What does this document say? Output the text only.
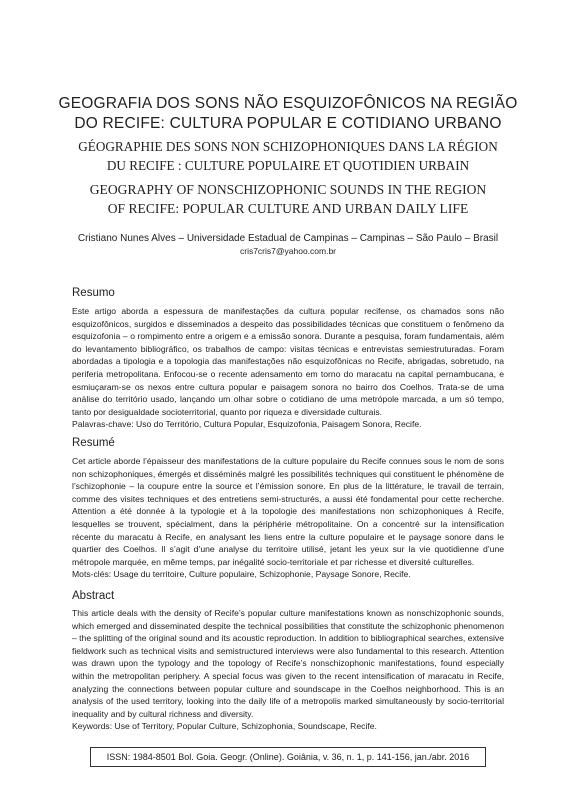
GEOGRAFIA DOS SONS NÃO ESQUIZOFÔNICOS NA REGIÃO
DO RECIFE: CULTURA POPULAR E COTIDIANO URBANO
GÉOGRAPHIE DES SONS NON SCHIZOPHONIQUES DANS LA RÉGION
DU RECIFE : CULTURE POPULAIRE ET QUOTIDIEN URBAIN
GEOGRAPHY OF NONSCHIZOPHONIC SOUNDS IN THE REGION
OF RECIFE: POPULAR CULTURE AND URBAN DAILY LIFE
Cristiano Nunes Alves – Universidade Estadual de Campinas – Campinas – São Paulo – Brasil
cris7cris7@yahoo.com.br
Resumo
Este artigo aborda a espessura de manifestações da cultura popular recifense, os chamados sons não esquizofônicos, surgidos e disseminados a despeito das possibilidades técnicas que constituem o fenômeno da esquizofonia – o rompimento entre a origem e a emissão sonora. Durante a pesquisa, foram fundamentais, além do levantamento bibliográfico, os trabalhos de campo: visitas técnicas e entrevistas semiestruturadas. Foram abordadas a tipologia e a topologia das manifestações não esquizofônicas no Recife, abrigadas, sobretudo, na periferia metropolitana. Enfocou-se o recente adensamento em torno do maracatu na capital pernambucana, e esmiuçaram-se os nexos entre cultura popular e paisagem sonora no bairro dos Coelhos. Trata-se de uma análise do território usado, lançando um olhar sobre o cotidiano de uma metrópole marcada, a um só tempo, tanto por desigualdade socioterritorial, quanto por riqueza e diversidade culturais.
Palavras-chave: Uso do Território, Cultura Popular, Esquizofonia, Paisagem Sonora, Recife.
Resumé
Cet article aborde l’épaisseur des manifestations de la culture populaire du Recife connues sous le nom de sons non schizophoniques, émergés et disséminés malgré les possibilités techniques qui constituent le phénomène de l’schizophonie – la coupure entre la source et l’émission sonore. En plus de la littérature, le travail de terrain, comme des visites techniques et des entretiens semi-structurés, a aussi été fondamental pour cette recherche. Attention a été donnée à la typologie et à la topologie des manifestations non schizophoniques à Recife, lesquelles se trouvent, spécialment, dans la périphérie métropolitaine. On a concentré sur la intensification récente du maracatu à Recife, en analysant les liens entre la culture populaire et le paysage sonore dans le quartier des Coelhos. Il s’agit d’une analyse du territoire utilisé, jetant les yeux sur la vie quotidienne d’une métropole marquée, en même temps, par inégalité socio-territoriale et par richesse et diversité culturelles.
Mots-clés: Usage du territoire, Culture populaire, Schizophonie, Paysage Sonore, Recife.
Abstract
This article deals with the density of Recife’s popular culture manifestations known as nonschizophonic sounds, which emerged and disseminated despite the technical possibilities that constitute the schizophonic phenomenon – the splitting of the original sound and its acoustic reproduction. In addition to bibliographical searches, extensive fieldwork such as technical visits and semistructured interviews were also fundamental to this research. Attention was drawn upon the typology and the topology of Recife’s nonschizophonic manifestations, found especially within the metropolitan periphery. A special focus was given to the recent intensification of maracatu in Recife, analyzing the connections between popular culture and soundscape in the Coelhos neighborhood. This is an analysis of the used territory, looking into the daily life of a metropolis marked simultaneously by socio-territorial inequality and by cultural richness and diversity.
Keywords: Use of Territory, Popular Culture, Schizophonia, Soundscape, Recife.
ISSN: 1984-8501 Bol. Goia. Geogr. (Online). Goiânia, v. 36, n. 1, p. 141-156, jan./abr. 2016
